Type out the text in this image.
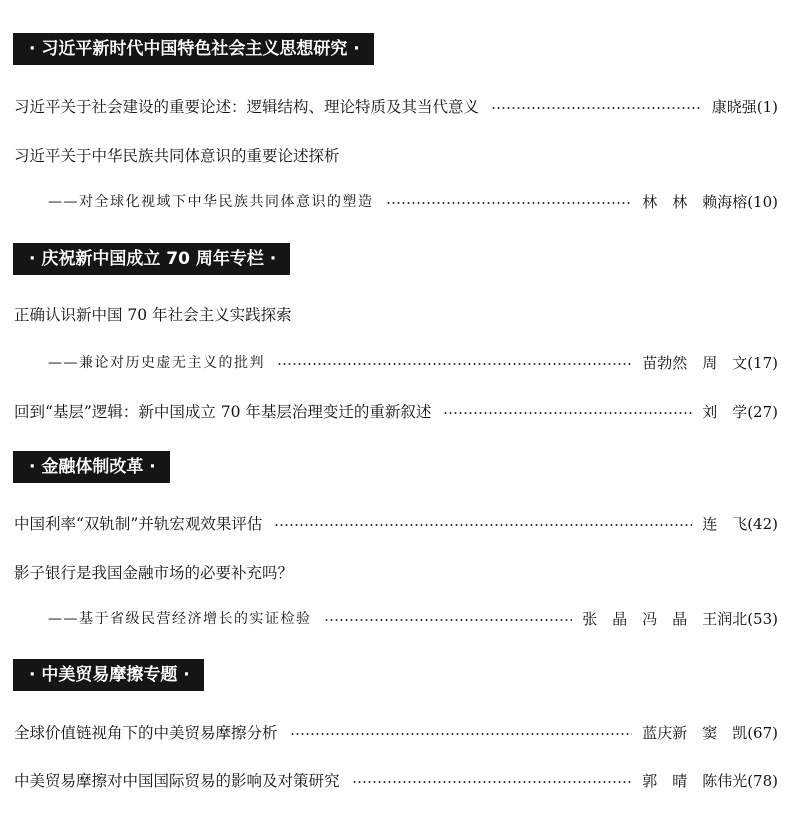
· 习近平新时代中国特色社会主义思想研究 ·
习近平关于社会建设的重要论述：逻辑结构、理论特质及其当代意义	康晓强(1)
习近平关于中华民族共同体意识的重要论述探析
——对全球化视域下中华民族共同体意识的塑造	林　林　赖海榕(10)
· 庆祝新中国成立 70 周年专栏 ·
正确认识新中国 70 年社会主义实践探索
——兼论对历史虚无主义的批判	苗勃然　周　文(17)
回到“基层”逻辑：新中国成立 70 年基层治理变迁的重新叙述	刘　学(27)
· 金融体制改革 ·
中国利率“双轨制”并轨宏观效果评估	连　飞(42)
影子银行是我国金融市场的必要补充吗？
——基于省级民营经济增长的实证检验	张　晶　冯　晶　王润北(53)
· 中美贸易摩擦专题 ·
全球价值链视角下的中美贸易摩擦分析	蓝庆新　窦　凯(67)
中美贸易摩擦对中国国际贸易的影响及对策研究	郭　晴　陈伟光(78)
